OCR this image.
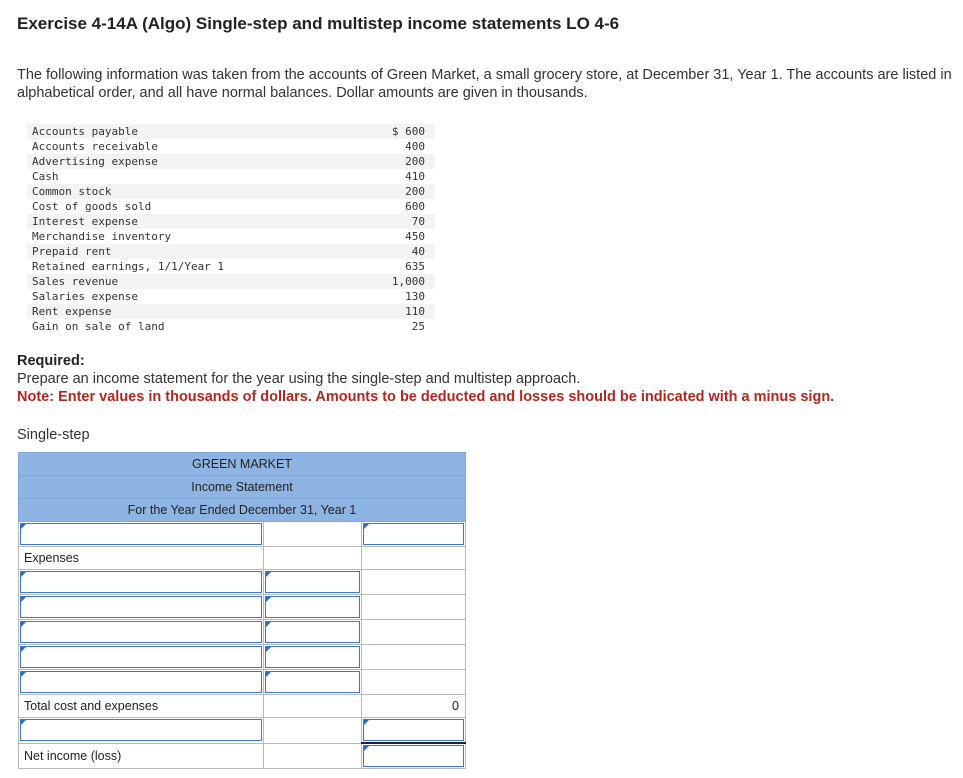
Exercise 4-14A (Algo) Single-step and multistep income statements LO 4-6

The following information was taken from the accounts of Green Market, a small grocery store, at December 31, Year 1. The accounts are listed in alphabetical order, and all have normal balances. Dollar amounts are given in thousands.

Accounts payable	$ 600
Accounts receivable	400
Advertising expense	200
Cash	410
Common stock	200
Cost of goods sold	600
Interest expense	70
Merchandise inventory	450
Prepaid rent	40
Retained earnings, 1/1/Year 1	635
Sales revenue	1,000
Salaries expense	130
Rent expense	110
Gain on sale of land	25

Required:

Prepare an income statement for the year using the single-step and multistep approach.

Note: Enter values in thousands of dollars. Amounts to be deducted and losses should be indicated with a minus sign.

Single-step

GREEN MARKET		
Income Statement		
For the Year Ended December 31, Year 1		

Expenses		

Total cost and expenses		0

Net income (loss)		
